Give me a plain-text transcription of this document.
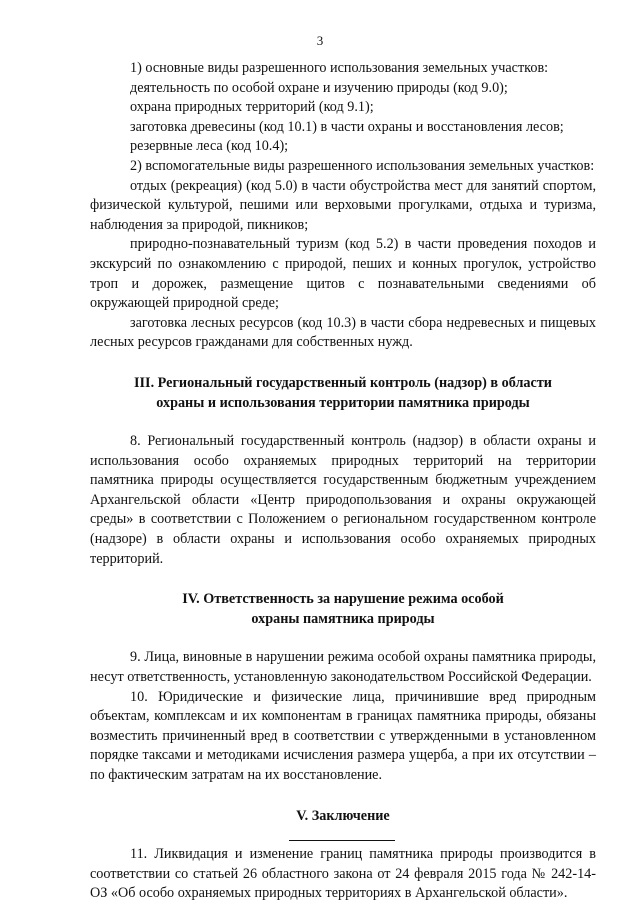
3

1) основные виды разрешенного использования земельных участков:

деятельность по особой охране и изучению природы (код 9.0);

охрана природных территорий (код 9.1);

заготовка древесины (код 10.1) в части охраны и восстановления лесов;

резервные леса (код 10.4);

2) вспомогательные виды разрешенного использования земельных участков:

отдых (рекреация) (код 5.0) в части обустройства мест для занятий спортом, физической культурой, пешими или верховыми прогулками, отдыха и туризма, наблюдения за природой, пикников;

природно-познавательный туризм (код 5.2) в части проведения походов и экскурсий по ознакомлению с природой, пеших и конных прогулок, устройство троп и дорожек, размещение щитов с познавательными сведениями об окружающей природной среде;

заготовка лесных ресурсов (код 10.3) в части сбора недревесных и пищевых лесных ресурсов гражданами для собственных нужд.

III. Региональный государственный контроль (надзор) в области
охраны и использования территории памятника природы

8. Региональный государственный контроль (надзор) в области охраны и использования особо охраняемых природных территорий на территории памятника природы осуществляется государственным бюджетным учреждением Архангельской области «Центр природопользования и охраны окружающей среды» в соответствии с Положением о региональном государственном контроле (надзоре) в области охраны и использования особо охраняемых природных территорий.

IV. Ответственность за нарушение режима особой
охраны памятника природы

9. Лица, виновные в нарушении режима особой охраны памятника природы, несут ответственность, установленную законодательством Российской Федерации.

10. Юридические и физические лица, причинившие вред природным объектам, комплексам и их компонентам в границах памятника природы, обязаны возместить причиненный вред в соответствии с утвержденными в установленном порядке таксами и методиками исчисления размера ущерба, а при их отсутствии – по фактическим затратам на их восстановление.

V. Заключение

11. Ликвидация и изменение границ памятника природы производится в соответствии со статьей 26 областного закона от 24 февраля 2015 года № 242-14-ОЗ «Об особо охраняемых природных территориях в Архангельской области».
